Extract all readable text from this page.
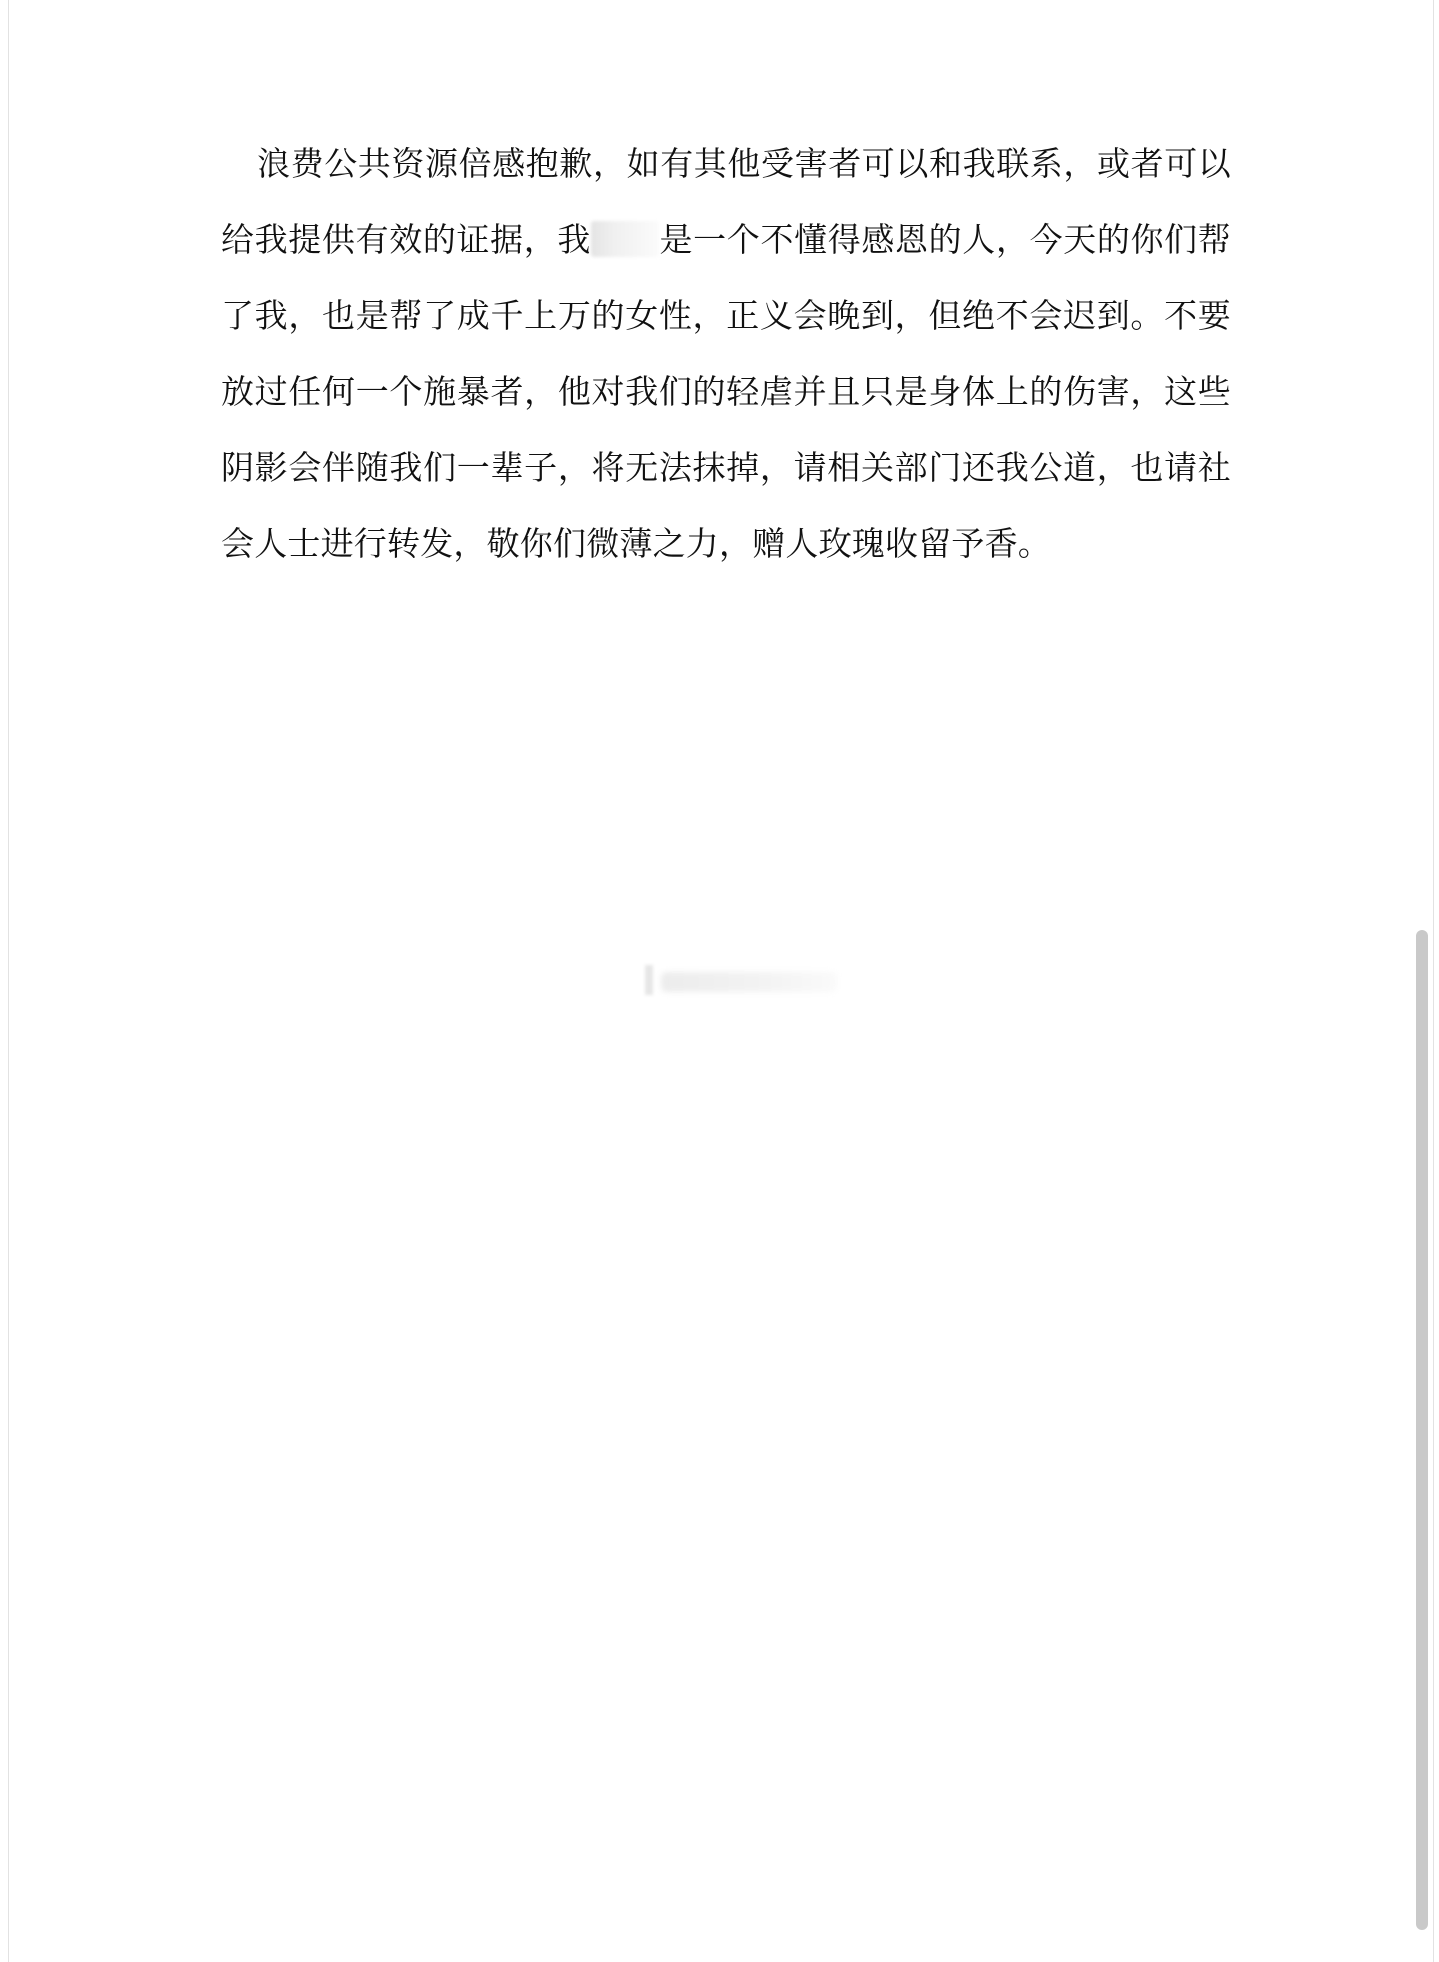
浪费公共资源倍感抱歉，如有其他受害者可以和我联系，或者可以给我提供有效的证据，我 是一个不懂得感恩的人，今天的你们帮了我，也是帮了成千上万的女性，正义会晚到，但绝不会迟到。不要放过任何一个施暴者，他对我们的轻虐并且只是身体上的伤害，这些阴影会伴随我们一辈子，将无法抹掉，请相关部门还我公道，也请社会人士进行转发，敬你们微薄之力，赠人玫瑰收留予香。
